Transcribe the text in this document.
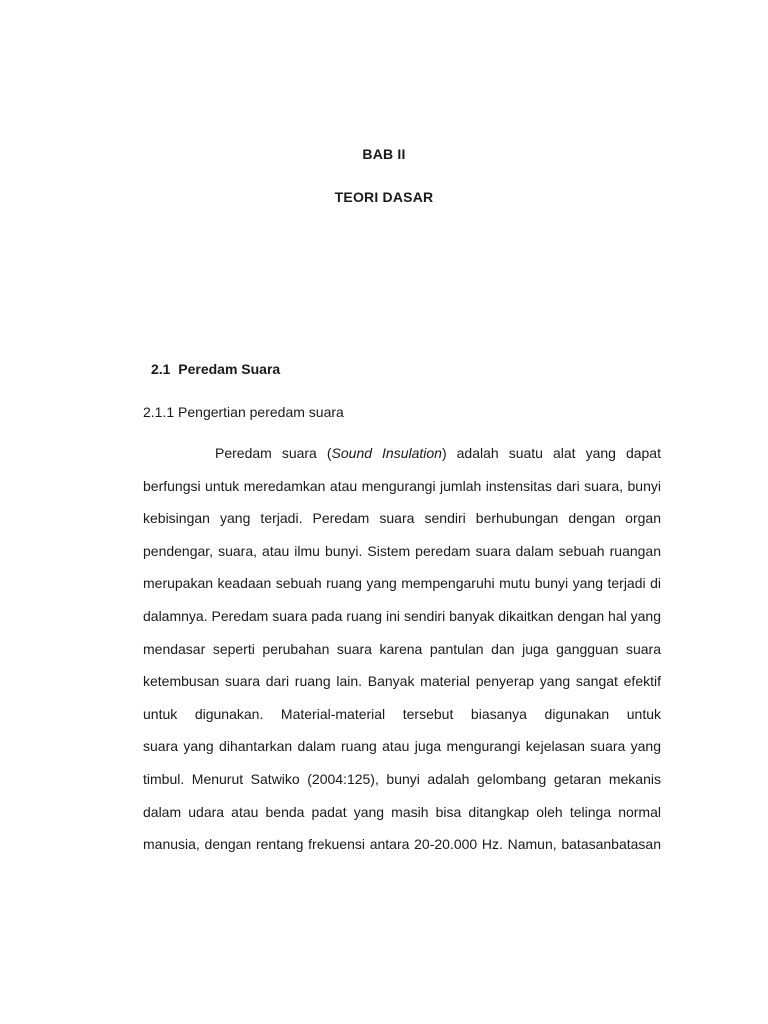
BAB II
TEORI DASAR
2.1  Peredam Suara
2.1.1 Pengertian peredam suara
Peredam suara (Sound Insulation) adalah suatu alat yang dapat
berfungsi untuk meredamkan atau mengurangi jumlah instensitas dari suara, bunyi
kebisingan yang terjadi. Peredam suara sendiri berhubungan dengan organ
pendengar, suara, atau ilmu bunyi. Sistem peredam suara dalam sebuah ruangan
merupakan keadaan sebuah ruang yang mempengaruhi mutu bunyi yang terjadi di
dalamnya. Peredam suara pada ruang ini sendiri banyak dikaitkan dengan hal yang
mendasar seperti perubahan suara karena pantulan dan juga gangguan suara
ketembusan suara dari ruang lain. Banyak material penyerap yang sangat efektif
untuk digunakan. Material-material tersebut biasanya digunakan untuk
suara yang dihantarkan dalam ruang atau juga mengurangi kejelasan suara yang
timbul. Menurut Satwiko (2004:125), bunyi adalah gelombang getaran mekanis
dalam udara atau benda padat yang masih bisa ditangkap oleh telinga normal
manusia, dengan rentang frekuensi antara 20-20.000 Hz. Namun, batasanbatasan
